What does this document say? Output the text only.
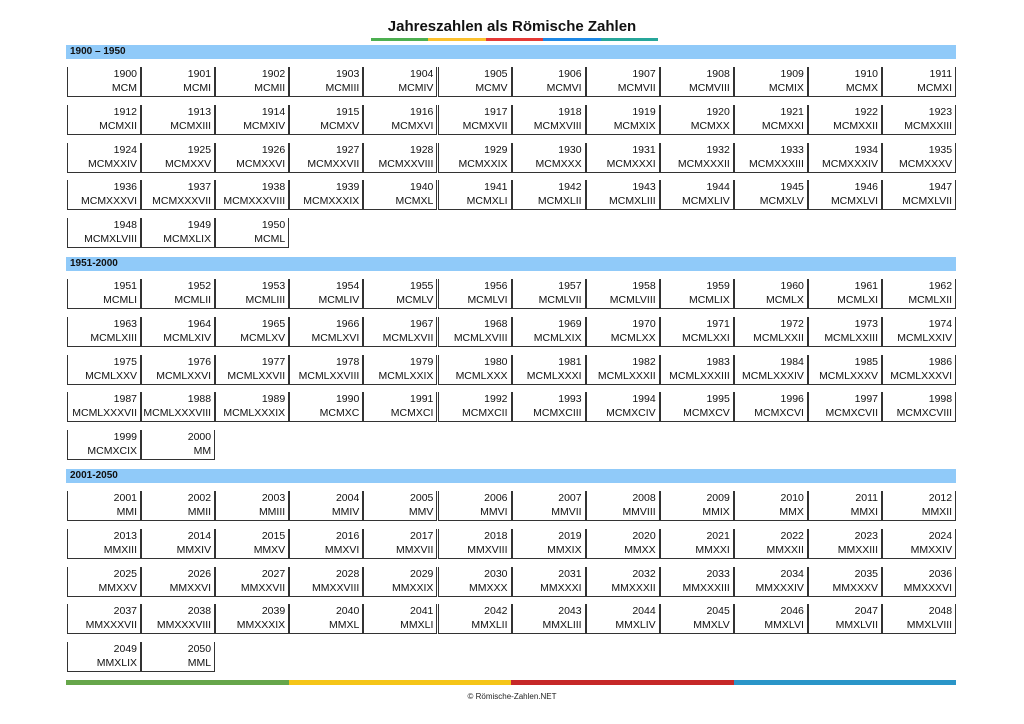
Jahreszahlen als Römische Zahlen
1900 – 1950
1900
MCM
1901
MCMI
1902
MCMII
1903
MCMIII
1904
MCMIV
1905
MCMV
1906
MCMVI
1907
MCMVII
1908
MCMVIII
1909
MCMIX
1910
MCMX
1911
MCMXI
1912
MCMXII
1913
MCMXIII
1914
MCMXIV
1915
MCMXV
1916
MCMXVI
1917
MCMXVII
1918
MCMXVIII
1919
MCMXIX
1920
MCMXX
1921
MCMXXI
1922
MCMXXII
1923
MCMXXIII
1924
MCMXXIV
1925
MCMXXV
1926
MCMXXVI
1927
MCMXXVII
1928
MCMXXVIII
1929
MCMXXIX
1930
MCMXXX
1931
MCMXXXI
1932
MCMXXXII
1933
MCMXXXIII
1934
MCMXXXIV
1935
MCMXXXV
1936
MCMXXXVI
1937
MCMXXXVII
1938
MCMXXXVIII
1939
MCMXXXIX
1940
MCMXL
1941
MCMXLI
1942
MCMXLII
1943
MCMXLIII
1944
MCMXLIV
1945
MCMXLV
1946
MCMXLVI
1947
MCMXLVII
1948
MCMXLVIII
1949
MCMXLIX
1950
MCML
1951-2000
1951
MCMLI
1952
MCMLII
1953
MCMLIII
1954
MCMLIV
1955
MCMLV
1956
MCMLVI
1957
MCMLVII
1958
MCMLVIII
1959
MCMLIX
1960
MCMLX
1961
MCMLXI
1962
MCMLXII
1963
MCMLXIII
1964
MCMLXIV
1965
MCMLXV
1966
MCMLXVI
1967
MCMLXVII
1968
MCMLXVIII
1969
MCMLXIX
1970
MCMLXX
1971
MCMLXXI
1972
MCMLXXII
1973
MCMLXXIII
1974
MCMLXXIV
1975
MCMLXXV
1976
MCMLXXVI
1977
MCMLXXVII
1978
MCMLXXVIII
1979
MCMLXXIX
1980
MCMLXXX
1981
MCMLXXXI
1982
MCMLXXXII
1983
MCMLXXXIII
1984
MCMLXXXIV
1985
MCMLXXXV
1986
MCMLXXXVI
1987
MCMLXXXVII
1988
MCMLXXXVIII
1989
MCMLXXXIX
1990
MCMXC
1991
MCMXCI
1992
MCMXCII
1993
MCMXCIII
1994
MCMXCIV
1995
MCMXCV
1996
MCMXCVI
1997
MCMXCVII
1998
MCMXCVIII
1999
MCMXCIX
2000
MM
2001-2050
2001
MMI
2002
MMII
2003
MMIII
2004
MMIV
2005
MMV
2006
MMVI
2007
MMVII
2008
MMVIII
2009
MMIX
2010
MMX
2011
MMXI
2012
MMXII
2013
MMXIII
2014
MMXIV
2015
MMXV
2016
MMXVI
2017
MMXVII
2018
MMXVIII
2019
MMXIX
2020
MMXX
2021
MMXXI
2022
MMXXII
2023
MMXXIII
2024
MMXXIV
2025
MMXXV
2026
MMXXVI
2027
MMXXVII
2028
MMXXVIII
2029
MMXXIX
2030
MMXXX
2031
MMXXXI
2032
MMXXXII
2033
MMXXXIII
2034
MMXXXIV
2035
MMXXXV
2036
MMXXXVI
2037
MMXXXVII
2038
MMXXXVIII
2039
MMXXXIX
2040
MMXL
2041
MMXLI
2042
MMXLII
2043
MMXLIII
2044
MMXLIV
2045
MMXLV
2046
MMXLVI
2047
MMXLVII
2048
MMXLVIII
2049
MMXLIX
2050
MML
© Römische-Zahlen.NET
